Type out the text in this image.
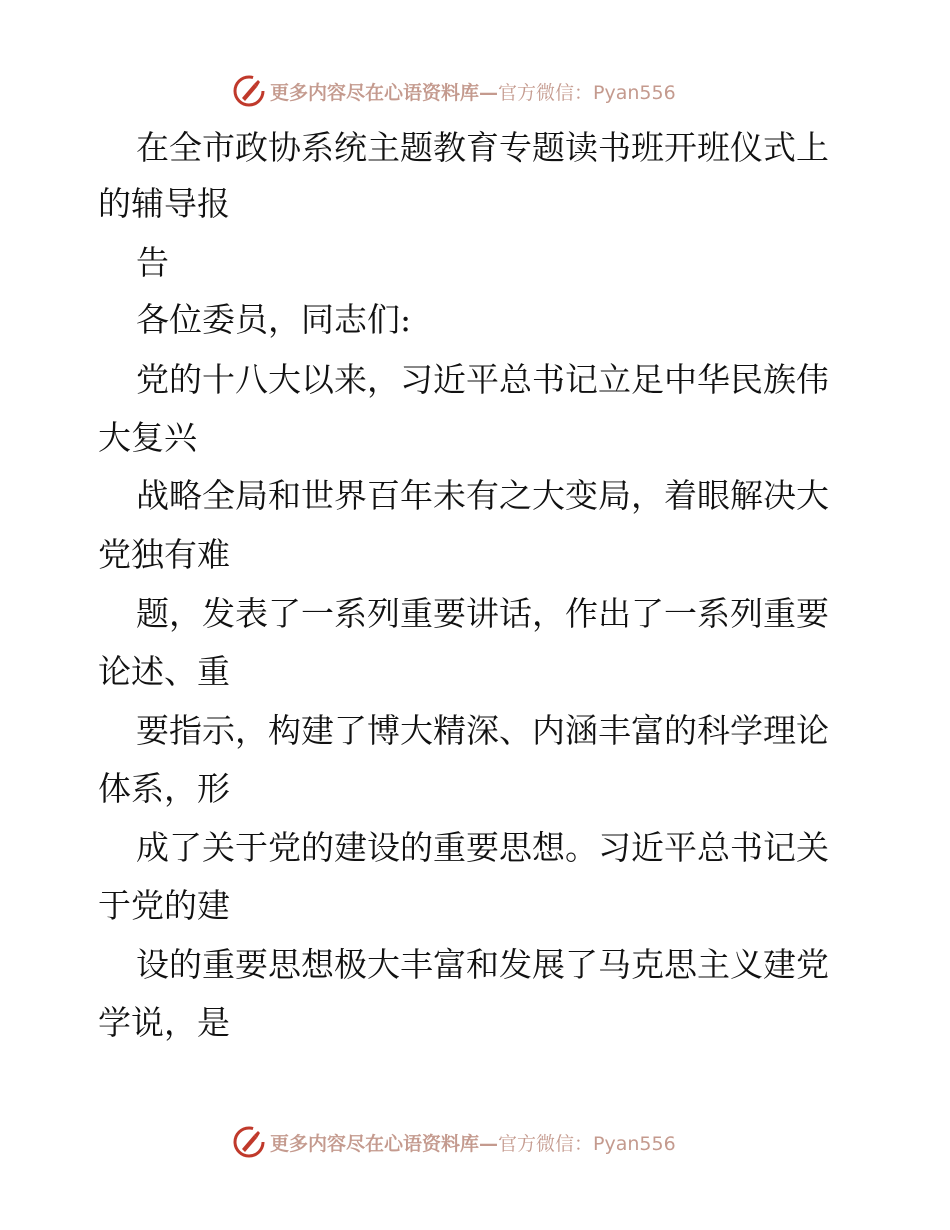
更多内容尽在心语资料库— 官方微信：Pyan556
在全市政协系统主题教育专题读书班开班仪式上
的辅导报
告
各位委员，同志们:
党的十八大以来，习近平总书记立足中华民族伟
大复兴
战略全局和世界百年未有之大变局，着眼解决大
党独有难
题，发表了一系列重要讲话，作出了一系列重要
论述、重
要指示，构建了博大精深、内涵丰富的科学理论
体系，形
成了关于党的建设的重要思想。习近平总书记关
于党的建
设的重要思想极大丰富和发展了马克思主义建党
学说，是
更多内容尽在心语资料库— 官方微信：Pyan556
